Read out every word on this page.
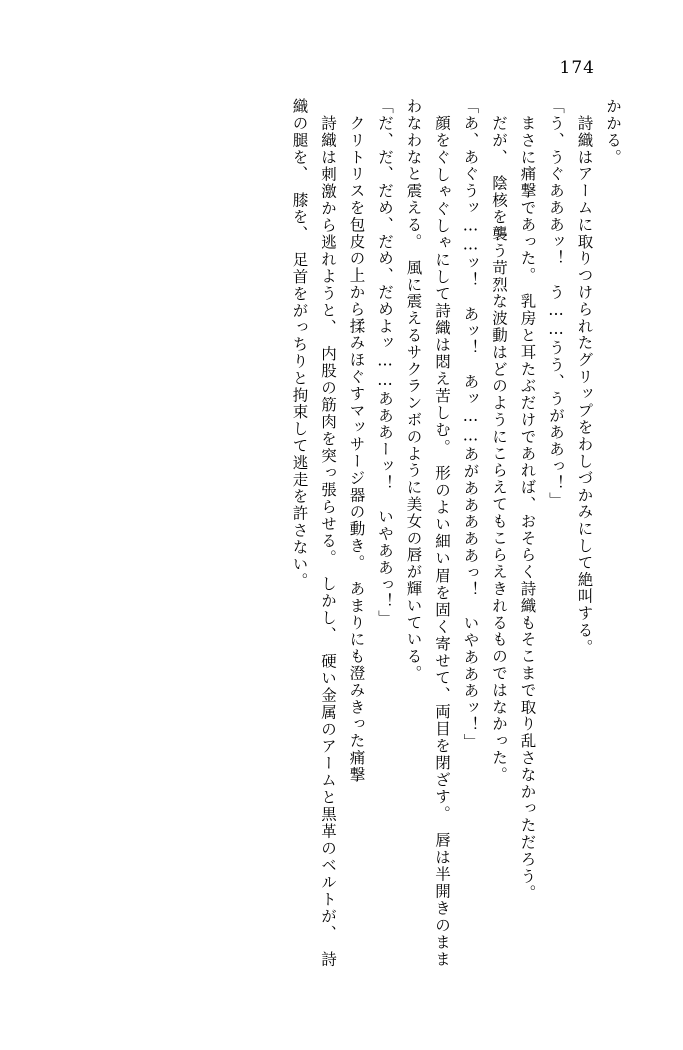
174

かかる。

　詩織はアームに取りつけられたグリップをわしづかみにして絶叫する。

「う、うぐあああッ！　う……うう、うがああっ！」

　まさに痛撃であった。　乳房と耳たぶだけであれば、おそらく詩織もそこまで取り乱さなかっただろう。

　だが、　陰核を襲う苛烈な波動はどのようにこらえてもこらえきれるものではなかった。

「あ、あぐうッ……ッ！　あッ！　あッ……あがあああああっ！　いやあああッ！」

　顔をぐしゃぐしゃにして詩織は悶え苦しむ。　形のよい細い眉を固く寄せて、両目を閉ざす。　唇は半開きのままわなわなと震える。　風に震えるサクランボのように美女の唇が輝いている。

「だ、だ、だめ、だめ、だめよッ……あああーッ！　いやああっ！」

　クリトリスを包皮の上から揉みほぐすマッサージ器の動き。　あまりにも澄みきった痛撃

　詩織は刺激から逃れようと、　内股の筋肉を突っ張らせる。　しかし、　硬い金属のアームと黒革のベルトが、　詩織の腿を、　膝を、　足首をがっちりと拘束して逃走を許さない。
